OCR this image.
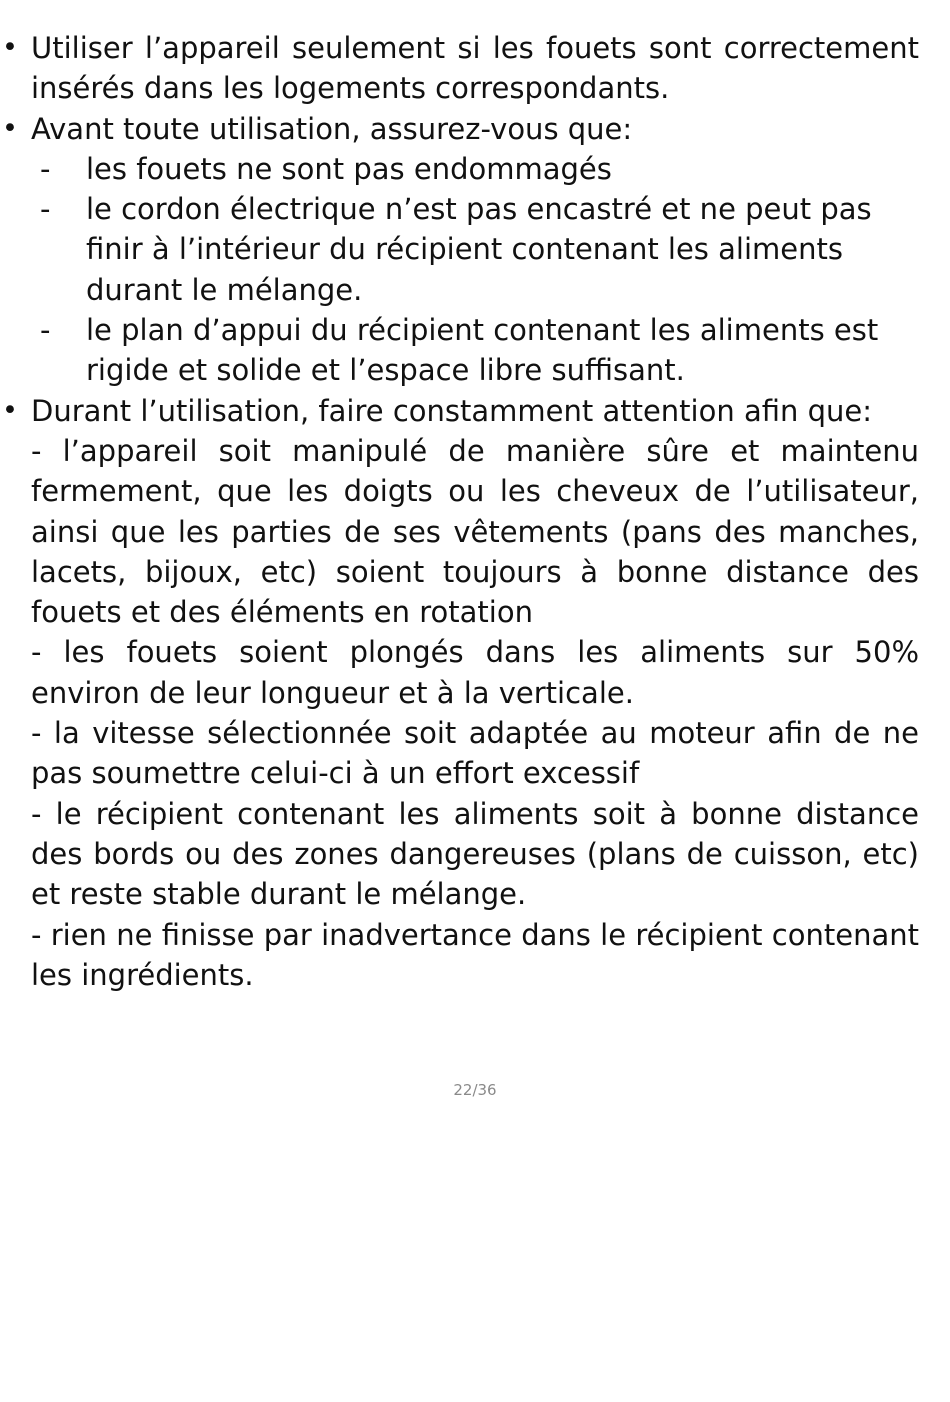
• Utiliser l’appareil seulement si les fouets sont correctement insérés dans les logements correspondants.
• Avant toute utilisation, assurez-vous que:
- les fouets ne sont pas endommagés
- le cordon électrique n’est pas encastré et ne peut pas finir à l’intérieur du récipient contenant les aliments durant le mélange.
- le plan d’appui du récipient contenant les aliments est rigide et solide et l’espace libre suffisant.
• Durant l’utilisation, faire constamment attention afin que:
- l’appareil soit manipulé de manière sûre et maintenu fermement, que les doigts ou les cheveux de l’utilisateur, ainsi que les parties de ses vêtements (pans des manches, lacets, bijoux, etc) soient toujours à bonne distance des fouets et des éléments en rotation
- les fouets soient plongés dans les aliments sur 50% environ de leur longueur et à la verticale.
- la vitesse sélectionnée soit adaptée au moteur afin de ne pas soumettre celui-ci à un effort excessif
- le récipient contenant les aliments soit à bonne distance des bords ou des zones dangereuses (plans de cuisson, etc) et reste stable durant le mélange.
- rien ne finisse par inadvertance dans le récipient contenant les ingrédients.
22/36
